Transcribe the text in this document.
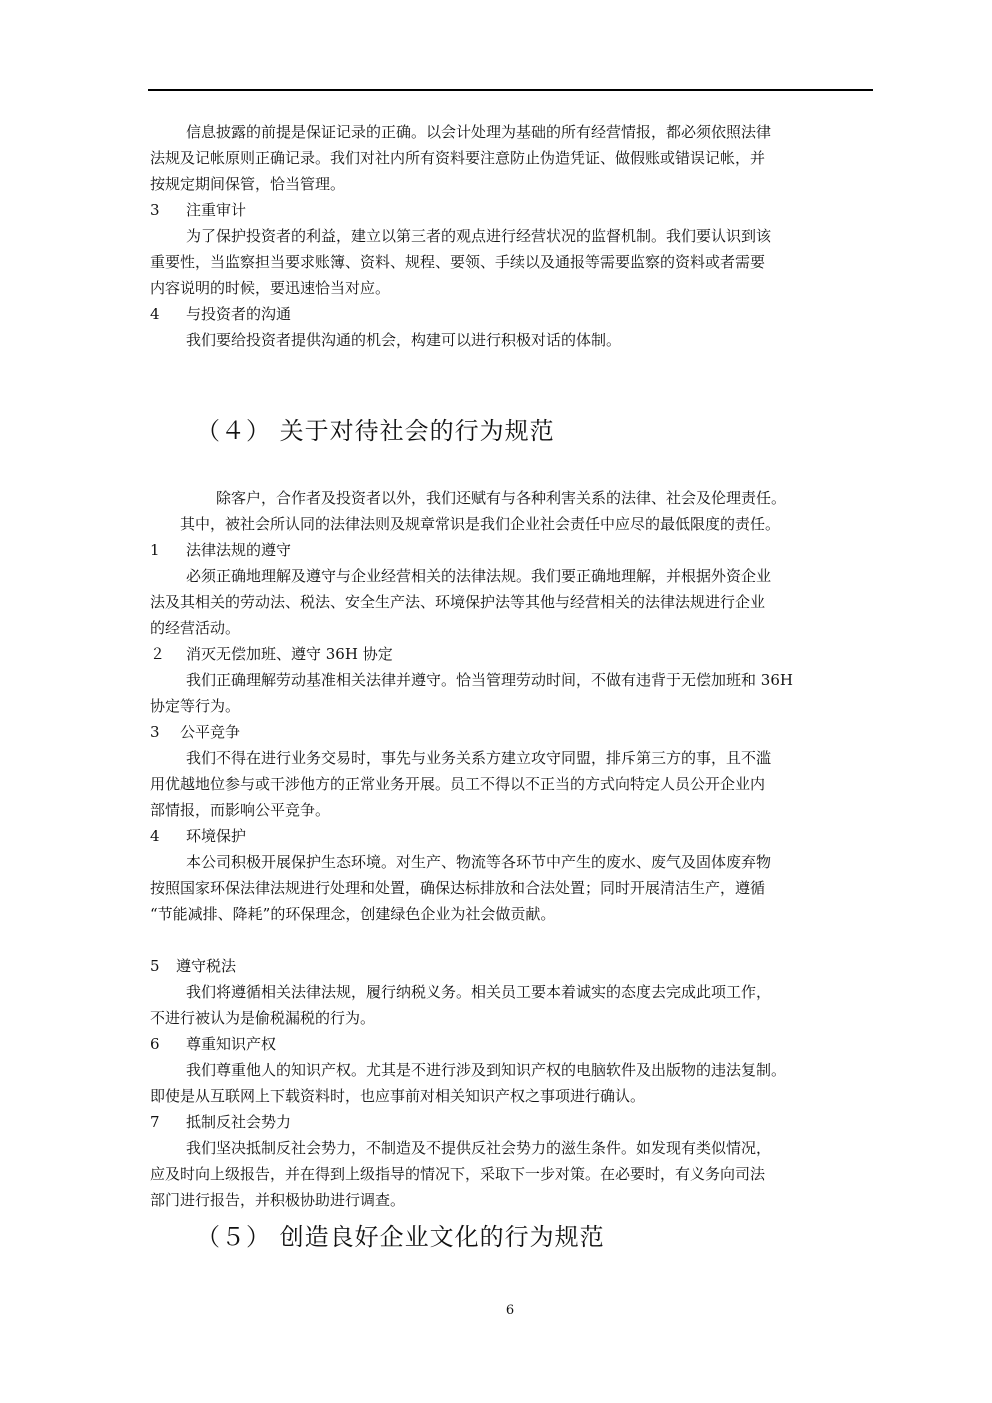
信息披露的前提是保证记录的正确。以会计处理为基础的所有经营情报，都必须依照法律
法规及记帐原则正确记录。我们对社内所有资料要注意防止伪造凭证、做假账或错误记帐，并
按规定期间保管，恰当管理。
3 注重审计
为了保护投资者的利益，建立以第三者的观点进行经营状况的监督机制。我们要认识到该
重要性，当监察担当要求账簿、资料、规程、要领、手续以及通报等需要监察的资料或者需要
内容说明的时候，要迅速恰当对应。
4 与投资者的沟通
我们要给投资者提供沟通的机会，构建可以进行积极对话的体制。
（４） 关于对待社会的行为规范
除客户，合作者及投资者以外，我们还赋有与各种利害关系的法律、社会及伦理责任。
其中，被社会所认同的法律法则及规章常识是我们企业社会责任中应尽的最低限度的责任。
1 法律法规的遵守
必须正确地理解及遵守与企业经营相关的法律法规。我们要正确地理解，并根据外资企业
法及其相关的劳动法、税法、安全生产法、环境保护法等其他与经营相关的法律法规进行企业
的经营活动。
２ 消灭无偿加班、遵守 36H 协定
我们正确理解劳动基准相关法律并遵守。恰当管理劳动时间，不做有违背于无偿加班和 36H
协定等行为。
3 公平竞争
我们不得在进行业务交易时，事先与业务关系方建立攻守同盟，排斥第三方的事，且不滥
用优越地位参与或干涉他方的正常业务开展。员工不得以不正当的方式向特定人员公开企业内
部情报，而影响公平竞争。
4 环境保护
本公司积极开展保护生态环境。对生产、物流等各环节中产生的废水、废气及固体废弃物
按照国家环保法律法规进行处理和处置，确保达标排放和合法处置；同时开展清洁生产，遵循
“节能减排、降耗”的环保理念，创建绿色企业为社会做贡献。
5 遵守税法
我们将遵循相关法律法规，履行纳税义务。相关员工要本着诚实的态度去完成此项工作，
不进行被认为是偷税漏税的行为。
6 尊重知识产权
我们尊重他人的知识产权。尤其是不进行涉及到知识产权的电脑软件及出版物的违法复制。
即使是从互联网上下载资料时，也应事前对相关知识产权之事项进行确认。
7 抵制反社会势力
我们坚决抵制反社会势力，不制造及不提供反社会势力的滋生条件。如发现有类似情况，
应及时向上级报告，并在得到上级指导的情况下，采取下一步对策。在必要时，有义务向司法
部门进行报告，并积极协助进行调查。
（５） 创造良好企业文化的行为规范
6
